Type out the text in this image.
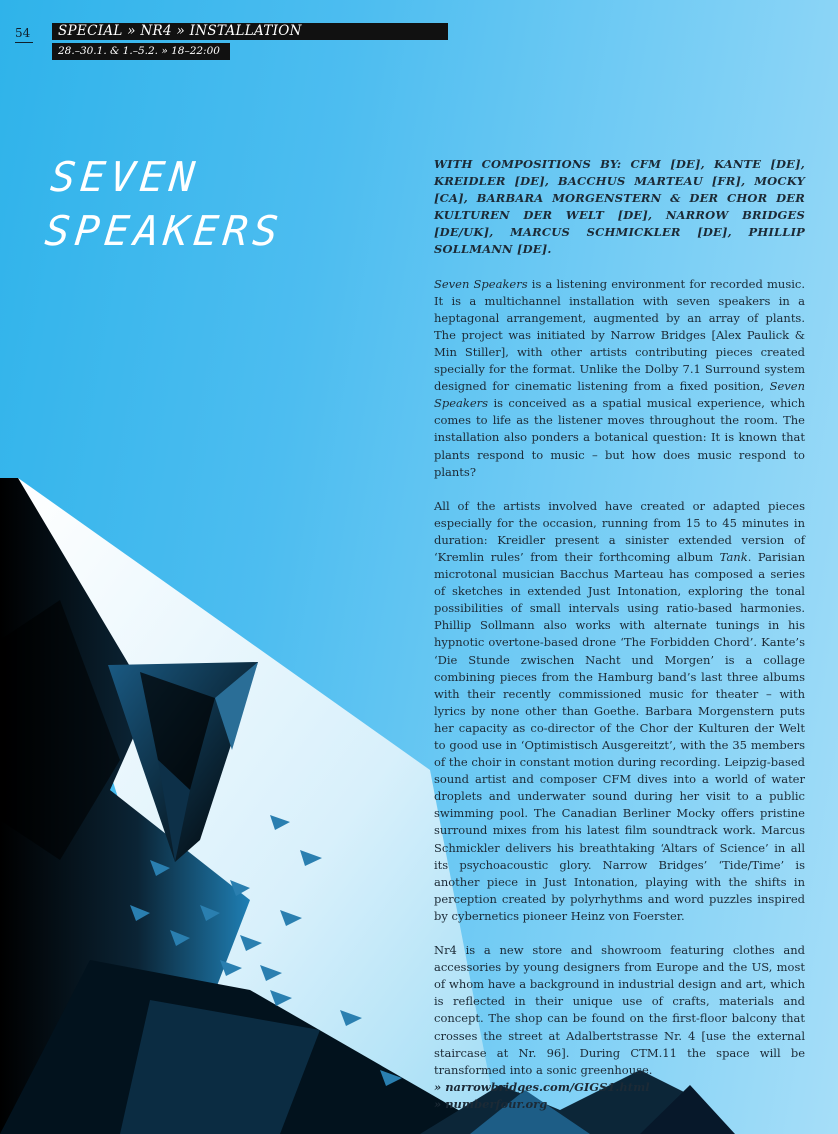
54	SPECIAL » NR4 » INSTALLATION
28.–30.1. & 1.–5.2. » 18–22:00
SEVEN
SPEAKERS

WITH COMPOSITIONS BY: CFM [DE], KANTE [DE], KREIDLER [DE], BACCHUS MARTEAU [FR], MOCKY [CA], BARBARA MORGENSTERN & DER CHOR DER KULTUREN DER WELT [DE], NARROW BRIDGES [DE/UK], MARCUS SCHMICKLER [DE], PHILLIP SOLLMANN [DE].

Seven Speakers is a listening environment for recorded music. It is a multichannel installation with seven speakers in a heptagonal arrangement, augmented by an array of plants. The project was initiated by Narrow Bridges [Alex Paulick & Min Stiller], with other artists contributing pieces created specially for the format. Unlike the Dolby 7.1 Surround system designed for cinematic listening from a fixed position, Seven Speakers is conceived as a spatial musical experience, which comes to life as the listener moves throughout the room. The installation also ponders a botanical question: It is known that plants respond to music – but how does music respond to plants?

All of the artists involved have created or adapted pieces especially for the occasion, running from 15 to 45 minutes in duration: Kreidler present a sinister extended version of ‘Kremlin rules’ from their forthcoming album Tank. Parisian microtonal musician Bacchus Marteau has composed a series of sketches in extended Just Intonation, exploring the tonal possibilities of small intervals using ratio-based harmonies. Phillip Sollmann also works with alternate tunings in his hypnotic overtone-based drone ‘The Forbidden Chord’. Kante’s ‘Die Stunde zwischen Nacht und Morgen’ is a collage combining pieces from the Hamburg band’s last three albums with their recently commissioned music for theater – with lyrics by none other than Goethe. Barbara Morgenstern puts her capacity as co-director of the Chor der Kulturen der Welt to good use in ‘Optimistisch Ausgereitzt’, with the 35 members of the choir in constant motion during recording. Leipzig-based sound artist and composer CFM dives into a world of water droplets and underwater sound during her visit to a public swimming pool. The Canadian Berliner Mocky offers pristine surround mixes from his latest film soundtrack work. Marcus Schmickler delivers his breathtaking ‘Altars of Science’ in all its psychoacoustic glory. Narrow Bridges’ ‘Tide/Time’ is another piece in Just Intonation, playing with the shifts in perception created by polyrhythms and word puzzles inspired by cybernetics pioneer Heinz von Foerster.

Nr4 is a new store and showroom featuring clothes and accessories by young designers from Europe and the US, most of whom have a background in industrial design and art, which is reflected in their unique use of crafts, materials and concept. The shop can be found on the first-floor balcony that crosses the street at Adalbertstrasse Nr. 4 [use the external staircase at Nr. 96]. During CTM.11 the space will be transformed into a sonic greenhouse.

» narrowbridges.com/GIGS1.html
» numberfour.org
